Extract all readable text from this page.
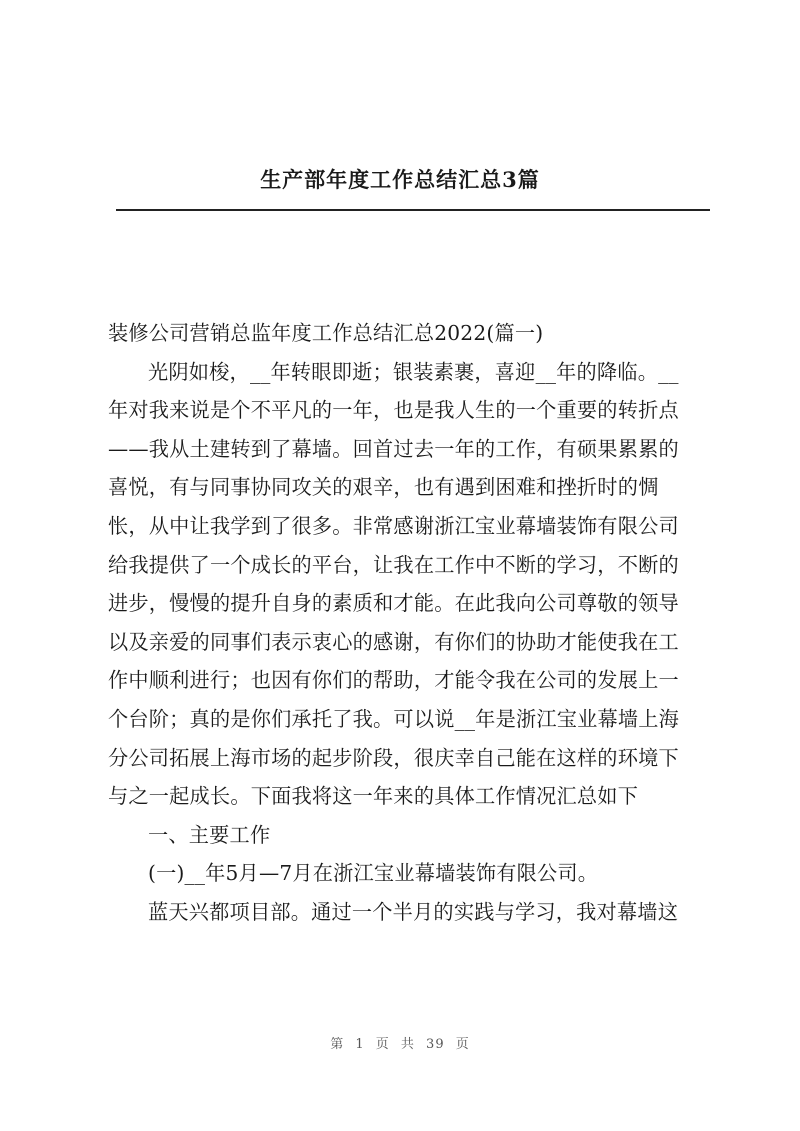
生产部年度工作总结汇总3篇

装修公司营销总监年度工作总结汇总2022(篇一)

光阴如梭，__年转眼即逝；银装素裹，喜迎__年的降临。__

年对我来说是个不平凡的一年，也是我人生的一个重要的转折点

——我从土建转到了幕墙。回首过去一年的工作，有硕果累累的

喜悦，有与同事协同攻关的艰辛，也有遇到困难和挫折时的惆

怅，从中让我学到了很多。非常感谢浙江宝业幕墙装饰有限公司

给我提供了一个成长的平台，让我在工作中不断的学习，不断的

进步，慢慢的提升自身的素质和才能。在此我向公司尊敬的领导

以及亲爱的同事们表示衷心的感谢，有你们的协助才能使我在工

作中顺利进行；也因有你们的帮助，才能令我在公司的发展上一

个台阶；真的是你们承托了我。可以说__年是浙江宝业幕墙上海

分公司拓展上海市场的起步阶段，很庆幸自己能在这样的环境下

与之一起成长。下面我将这一年来的具体工作情况汇总如下

一、主要工作

(一)__年5月—7月在浙江宝业幕墙装饰有限公司。

蓝天兴都项目部。通过一个半月的实践与学习，我对幕墙这

第 1 页 共 39 页
